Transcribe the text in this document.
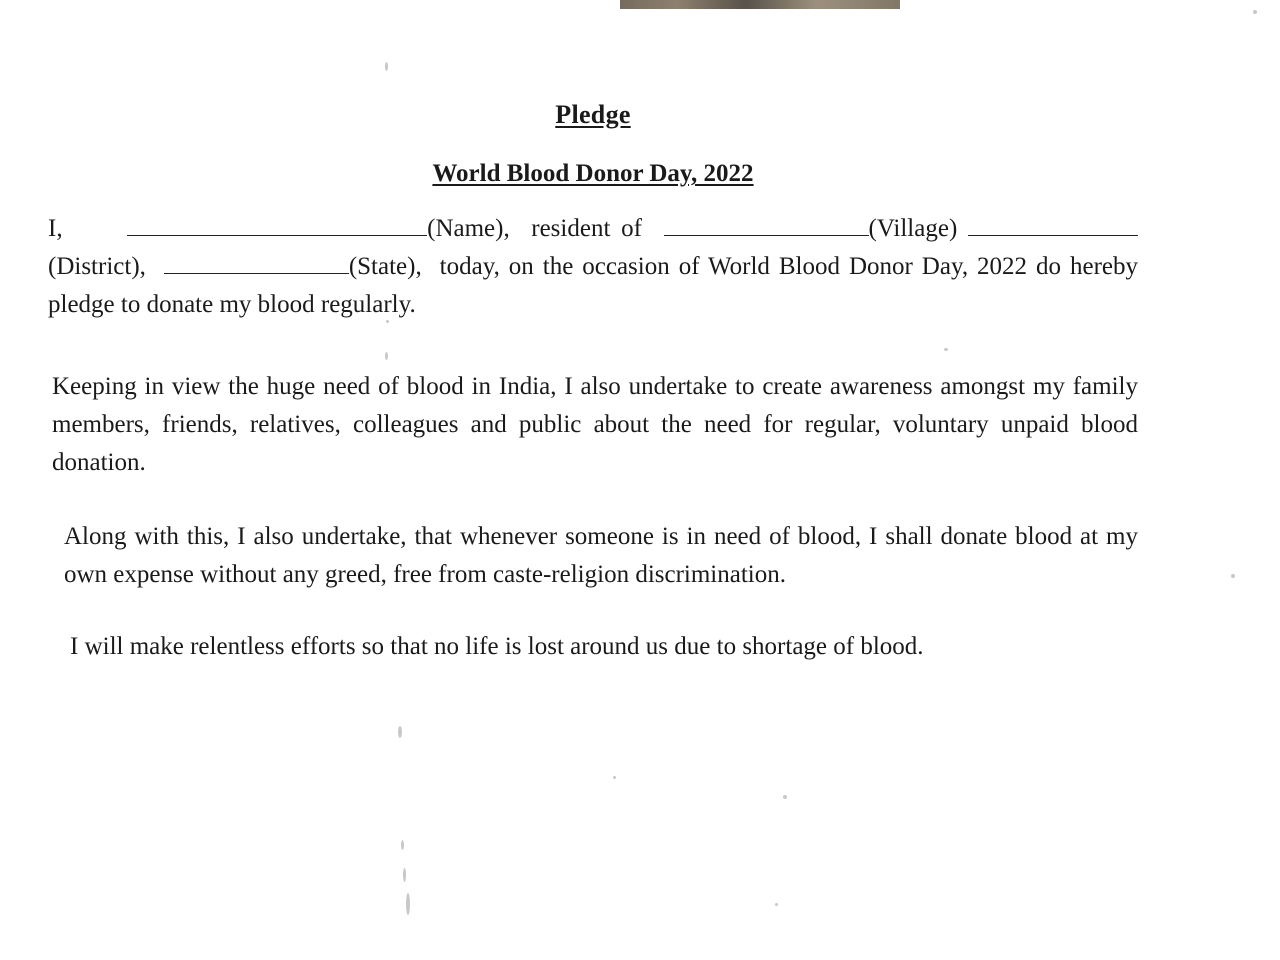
Pledge
World Blood Donor Day, 2022

I,	(Name), resident of	(Village) (District),	(State), today, on the occasion of World Blood Donor Day, 2022 do hereby pledge to donate my blood regularly.

Keeping in view the huge need of blood in India, I also undertake to create awareness amongst my family members, friends, relatives, colleagues and public about the need for regular, voluntary unpaid blood donation.

Along with this, I also undertake, that whenever someone is in need of blood, I shall donate blood at my own expense without any greed, free from caste-religion discrimination.

I will make relentless efforts so that no life is lost around us due to shortage of blood.
